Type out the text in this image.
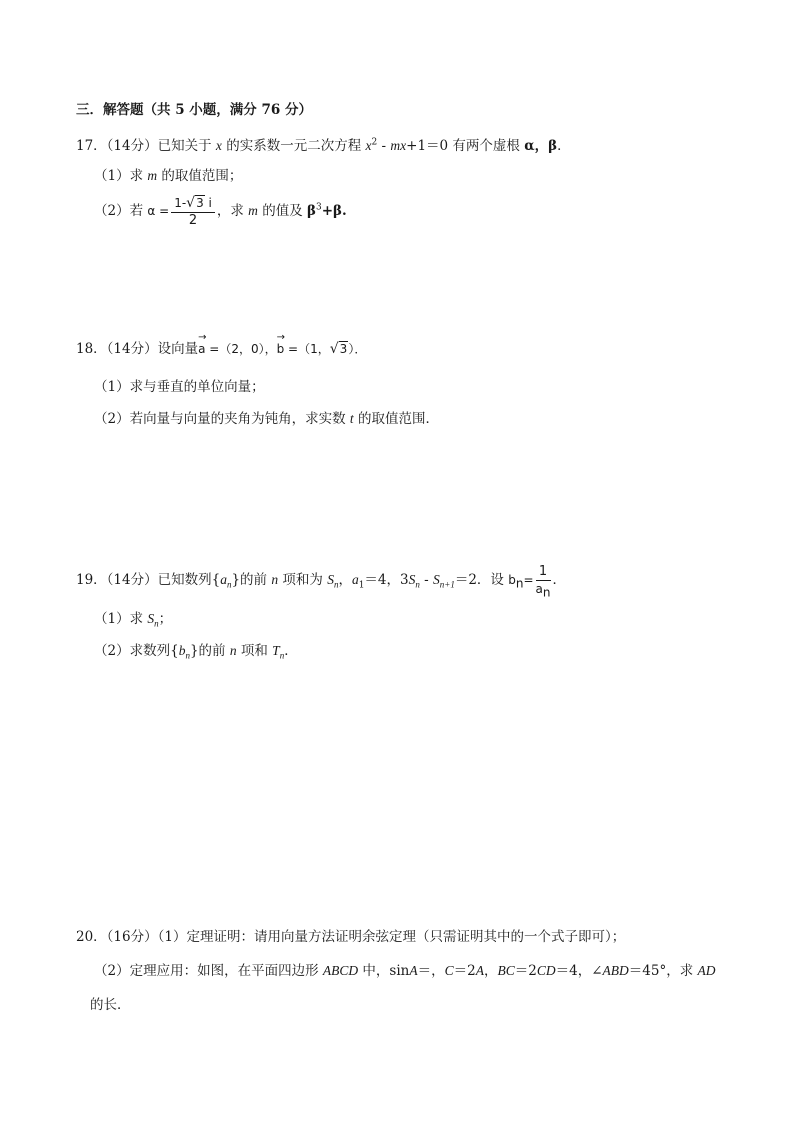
三．解答题（共 5 小题，满分 76 分）
17．（14分）已知关于 x 的实系数一元二次方程 $x^2 - mx+1=0$ 有两个虚根 α，β．
（1）求 m 的取值范围；
（2）若 $\alpha = \frac{1-√3 i}{2}$ ，求 m 的值及 $\beta^3+\beta$.
18．（14分）设向量→ a =（2，0），→ b =（1，√3）．
（1）求与垂直的单位向量；
（2）若向量与向量的夹角为钝角，求实数 t 的取值范围．
19．（14分）已知数列$\{a_n\}$的前 n 项和为 $S_n$，$a_1=4$，$3S_n - S_{n+1}=2$．设 $b_n= \frac{1}{a_n}$ ．
（1）求 $S_n$；
（2）求数列$\{b_n\}$的前 n 项和 $T_n$．
20．（16分）（1）定理证明：请用向量方法证明余弦定理（只需证明其中的一个式子即可）；
（2）定理应用：如图，在平面四边形 ABCD 中，sinA＝，C＝2A，BC＝2CD＝4，∠ABD＝45°，求 AD
的长．
